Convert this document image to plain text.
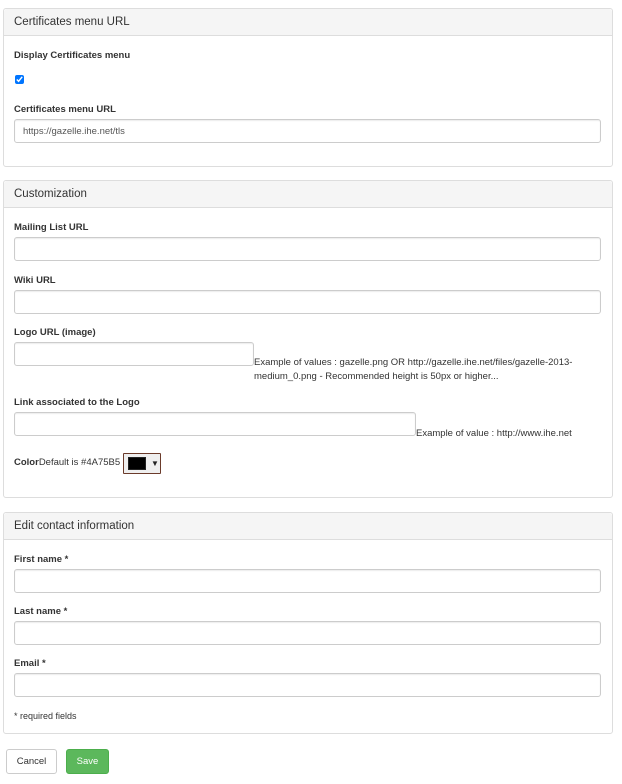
Certificates menu URL
Display Certificates menu
Certificates menu URL
https://gazelle.ihe.net/tls
Customization
Mailing List URL
Wiki URL
Logo URL (image)
Example of values : gazelle.png OR http://gazelle.ihe.net/files/gazelle-2013-
medium_0.png - Recommended height is 50px or higher...
Link associated to the Logo
Example of value : http://www.ihe.net
ColorDefault is #4A75B5	▼
Edit contact information
First name *
Last name *
Email *
* required fields
Cancel	Save
